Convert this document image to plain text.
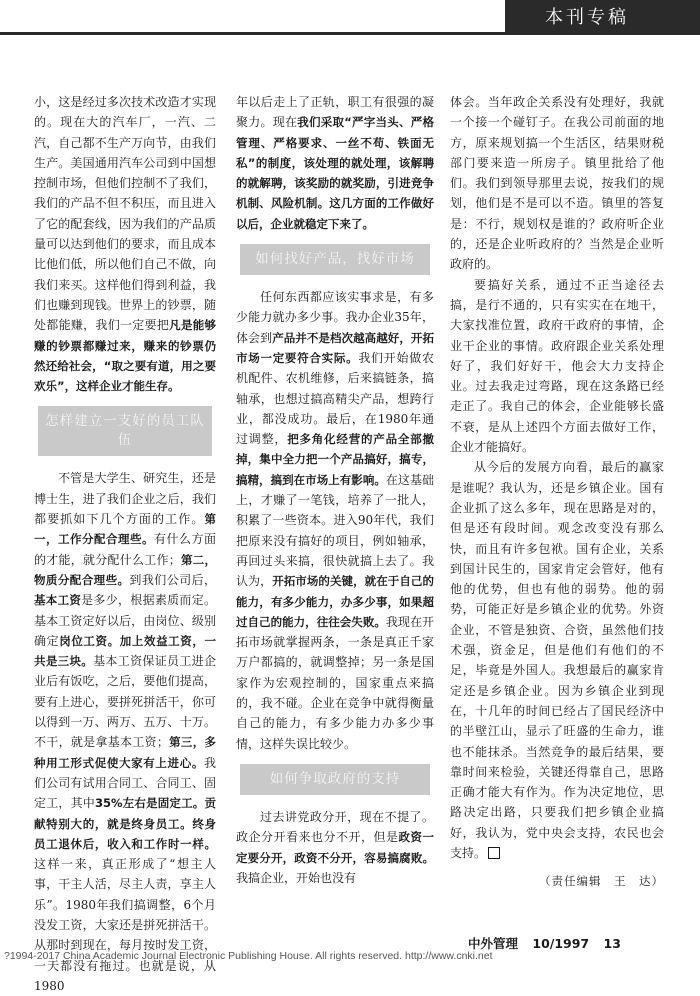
本刊专稿

小，这是经过多次技术改造才实现的。现在大的汽车厂，一汽、二汽，自己都不生产万向节，由我们生产。美国通用汽车公司到中国想控制市场，但他们控制不了我们，我们的产品不但不积压，而且进入了它的配套线，因为我们的产品质量可以达到他们的要求，而且成本比他们低，所以他们自己不做，向我们来买。这样他们得到利益，我们也赚到现钱。世界上的钞票，随处都能赚，我们一定要把凡是能够赚的钞票都赚过来，赚来的钞票仍然还给社会，“取之要有道，用之要欢乐”，这样企业才能生存。

怎样建立一支好的员工队伍

不管是大学生、研究生，还是博士生，进了我们企业之后，我们都要抓如下几个方面的工作。第一，工作分配合理些。有什么方面的才能，就分配什么工作；第二，物质分配合理些。到我们公司后，基本工资是多少，根据素质而定。基本工资定好以后，由岗位、级别确定岗位工资。加上效益工资，一共是三块。基本工资保证员工进企业后有饭吃，之后，要他们提高，要有上进心，要拼死拼活干，你可以得到一万、两万、五万、十万。不干，就是拿基本工资；第三，多种用工形式促使大家有上进心。我们公司有试用合同工、合同工、固定工，其中35%左右是固定工。贡献特别大的，就是终身员工。终身员工退休后，收入和工作时一样。这样一来，真正形成了“想主人事，干主人活，尽主人责，享主人乐”。1980年我们搞调整，6个月没发工资，大家还是拼死拼活干。从那时到现在，每月按时发工资，一天都没有拖过。也就是说，从1980

年以后走上了正轨，职工有很强的凝聚力。现在我们采取“严字当头、严格管理、严格要求、一丝不苟、铁面无私”的制度，该处理的就处理，该解聘的就解聘，该奖励的就奖励，引进竞争机制、风险机制。这几方面的工作做好以后，企业就稳定下来了。

如何找好产品，找好市场

任何东西都应该实事求是，有多少能力就办多少事。我办企业35年，体会到产品并不是档次越高越好，开拓市场一定要符合实际。我们开始做农机配件、农机维修，后来搞链条，搞轴承，也想过搞高精尖产品，想跨行业，都没成功。最后，在1980年通过调整，把多角化经营的产品全部撤掉，集中全力把一个产品搞好，搞专，搞精，搞到在市场上有影响。在这基础上，才赚了一笔钱，培养了一批人，积累了一些资本。进入90年代，我们把原来没有搞好的项目，例如轴承，再回过头来搞，很快就搞上去了。我认为，开拓市场的关键，就在于自己的能力，有多少能力，办多少事，如果超过自己的能力，往往会失败。我现在开拓市场就掌握两条，一条是真正千家万户都搞的，就调整掉；另一条是国家作为宏观控制的，国家重点来搞的，我不碰。企业在竞争中就得衡量自己的能力，有多少能力办多少事情，这样失误比较少。

如何争取政府的支持

过去讲党政分开，现在不提了。政企分开看来也分不开，但是政资一定要分开，政资不分开，容易搞腐败。我搞企业，开始也没有

体会。当年政企关系没有处理好，我就一个接一个碰钉子。在我公司前面的地方，原来规划搞一个生活区，结果财税部门要来造一所房子。镇里批给了他们。我们到领导那里去说，按我们的规划，他们是不是可以不造。镇里的答复是：不行，规划权是谁的？政府听企业的，还是企业听政府的？当然是企业听政府的。

要搞好关系，通过不正当途径去搞，是行不通的，只有实实在在地干，大家找准位置，政府干政府的事情，企业干企业的事情。政府跟企业关系处理好了，我们好好干，他会大力支持企业。过去我走过弯路，现在这条路已经走正了。我自己的体会，企业能够长盛不衰，是从上述四个方面去做好工作，企业才能搞好。

从今后的发展方向看，最后的赢家是谁呢？我认为，还是乡镇企业。国有企业抓了这么多年，现在思路是对的，但是还有段时间。观念改变没有那么快，而且有许多包袱。国有企业，关系到国计民生的，国家肯定会管好，他有他的优势，但也有他的弱势。他的弱势，可能正好是乡镇企业的优势。外资企业，不管是独资、合资，虽然他们技术强，资金足，但是他们有他们的不足，毕竟是外国人。我想最后的赢家肯定还是乡镇企业。因为乡镇企业到现在，十几年的时间已经占了国民经济中的半壁江山，显示了旺盛的生命力，谁也不能抹杀。当然竞争的最后结果，要靠时间来检验，关键还得靠自己，思路正确才能大有作为。作为决定地位，思路决定出路，只要我们把乡镇企业搞好，我认为，党中央会支持，农民也会支持。

（责任编辑　王　达）
中外管理 10/1997 13
?1994-2017 China Academic Journal Electronic Publishing House. All rights reserved. http://www.cnki.net
